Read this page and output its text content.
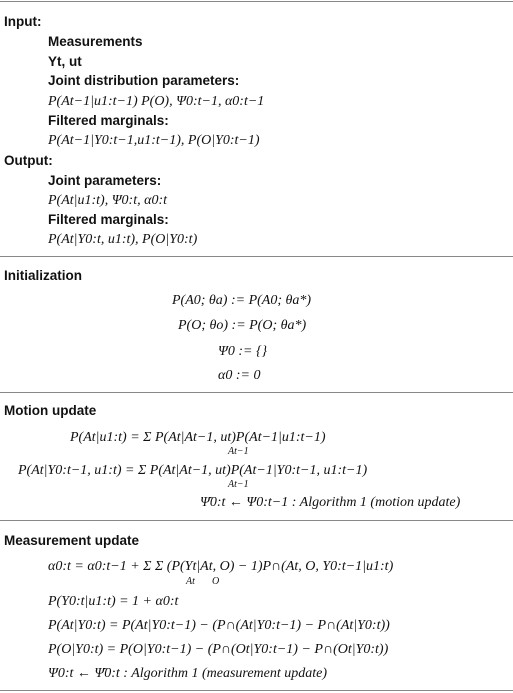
Input:
Measurements
Yt, ut
Joint distribution parameters:
P(At−1|u1:t−1) P(O), Ψ0:t−1, α0:t−1
Filtered marginals:
P(At−1|Y0:t−1,u1:t−1), P(O|Y0:t−1)
Output:
Joint parameters:
P(At|u1:t), Ψ0:t, α0:t
Filtered marginals:
P(At|Y0:t, u1:t), P(O|Y0:t)
Initialization
P(A0; θa) := P(A0; θa*)
P(O; θo) := P(O; θa*)
Ψ0 := {}
α0 := 0
Motion update
P(At|u1:t) = Σ P(At|At−1, ut)P(At−1|u1:t−1)
At−1
P(At|Y0:t−1, u1:t) = Σ P(At|At−1, ut)P(At−1|Y0:t−1, u1:t−1)
At−1
Ψ̄0:t ← Ψ0:t−1 : Algorithm 1 (motion update)
Measurement update
α0:t = α0:t−1 + Σ Σ (P(Yt|At, O) − 1)P∩(At, O, Y0:t−1|u1:t)
At O
P(Y0:t|u1:t) = 1 + α0:t
P(At|Y0:t) = P(At|Y0:t−1) − (P∩(At|Y0:t−1) − P∩(At|Y0:t))
P(O|Y0:t) = P(O|Y0:t−1) − (P∩(Ot|Y0:t−1) − P∩(Ot|Y0:t))
Ψ0:t ← Ψ̄0:t : Algorithm 1 (measurement update)
